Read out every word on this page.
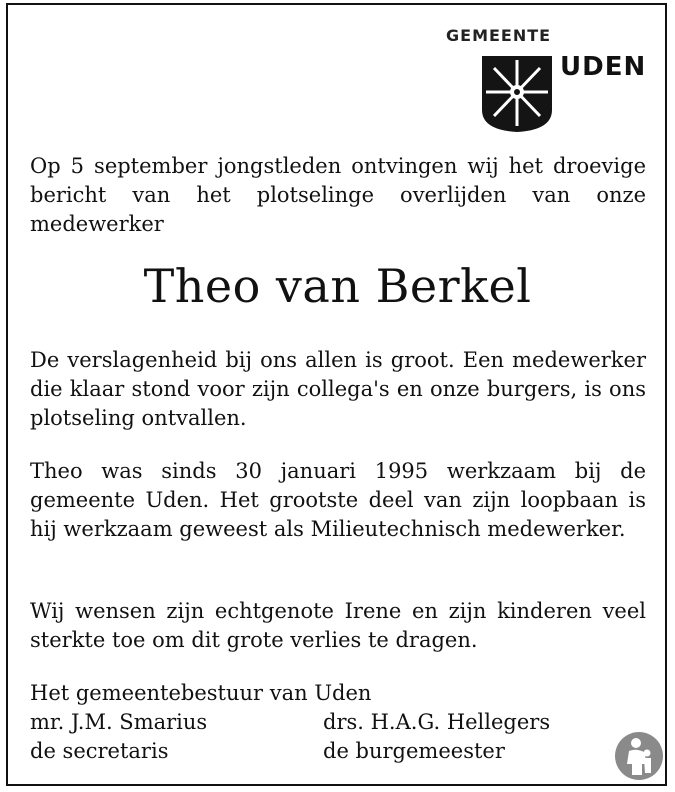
GEMEENTE
UDEN

Op 5 september jongstleden ontvingen wij het droevige bericht van het plotselinge overlijden van onze medewerker

Theo van Berkel

De verslagenheid bij ons allen is groot. Een medewerker die klaar stond voor zijn collega's en onze burgers, is ons plotseling ontvallen.

Theo was sinds 30 januari 1995 werkzaam bij de gemeente Uden. Het grootste deel van zijn loopbaan is hij werkzaam geweest als Milieutechnisch medewerker.

Wij wensen zijn echtgenote Irene en zijn kinderen veel sterkte toe om dit grote verlies te dragen.

Het gemeentebestuur van Uden

mr. J.M. Smarius

de secretaris

drs. H.A.G. Hellegers

de burgemeester
